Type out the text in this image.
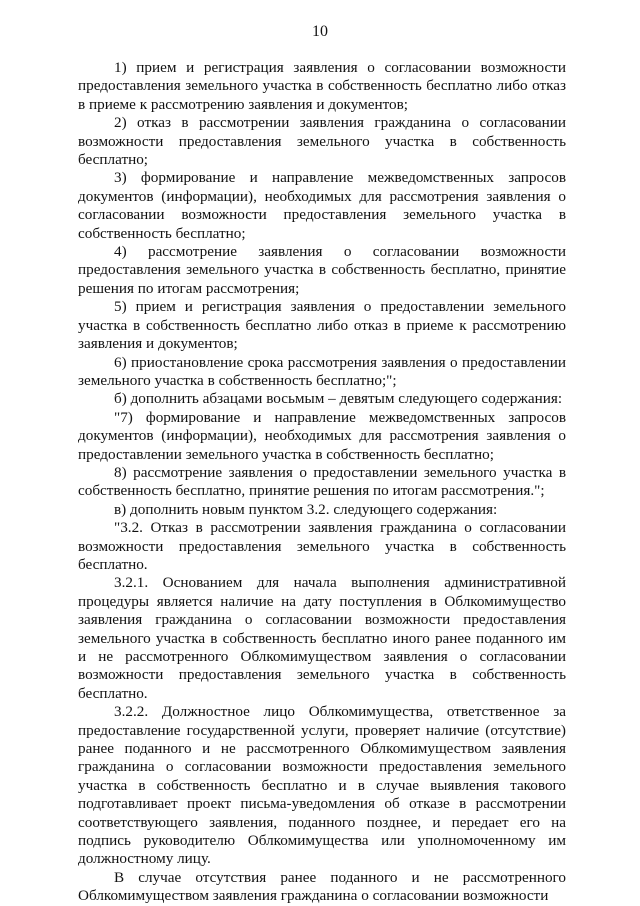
10

1) прием и регистрация заявления о согласовании возможности предоставления земельного участка в собственность бесплатно либо отказ в приеме к рассмотрению заявления и документов;

2) отказ в рассмотрении заявления гражданина о согласовании возможности предоставления земельного участка в собственность бесплатно;

3) формирование и направление межведомственных запросов документов (информации), необходимых для рассмотрения заявления о согласовании возможности предоставления земельного участка в собственность бесплатно;

4) рассмотрение заявления о согласовании возможности предоставления земельного участка в собственность бесплатно, принятие решения по итогам рассмотрения;

5) прием и регистрация заявления о предоставлении земельного участка в собственность бесплатно либо отказ в приеме к рассмотрению заявления и документов;

6) приостановление срока рассмотрения заявления о предоставлении земельного участка в собственность бесплатно;";

б) дополнить абзацами восьмым – девятым следующего содержания:

"7) формирование и направление межведомственных запросов документов (информации), необходимых для рассмотрения заявления о предоставлении земельного участка в собственность бесплатно;

8) рассмотрение заявления о предоставлении земельного участка в собственность бесплатно, принятие решения по итогам рассмотрения.";

в) дополнить новым пунктом 3.2. следующего содержания:

"3.2. Отказ в рассмотрении заявления гражданина о согласовании возможности предоставления земельного участка в собственность бесплатно.

3.2.1. Основанием для начала выполнения административной процедуры является наличие на дату поступления в Облкомимущество заявления гражданина о согласовании возможности предоставления земельного участка в собственность бесплатно иного ранее поданного им и не рассмотренного Облкомимуществом заявления о согласовании возможности предоставления земельного участка в собственность бесплатно.

3.2.2. Должностное лицо Облкомимущества, ответственное за предоставление государственной услуги, проверяет наличие (отсутствие) ранее поданного и не рассмотренного Облкомимуществом заявления гражданина о согласовании возможности предоставления земельного участка в собственность бесплатно и в случае выявления такового подготавливает проект письма-уведомления об отказе в рассмотрении соответствующего заявления, поданного позднее, и передает его на подпись руководителю Облкомимущества или уполномоченному им должностному лицу.

В случае отсутствия ранее поданного и не рассмотренного Облкомимуществом заявления гражданина о согласовании возможности
